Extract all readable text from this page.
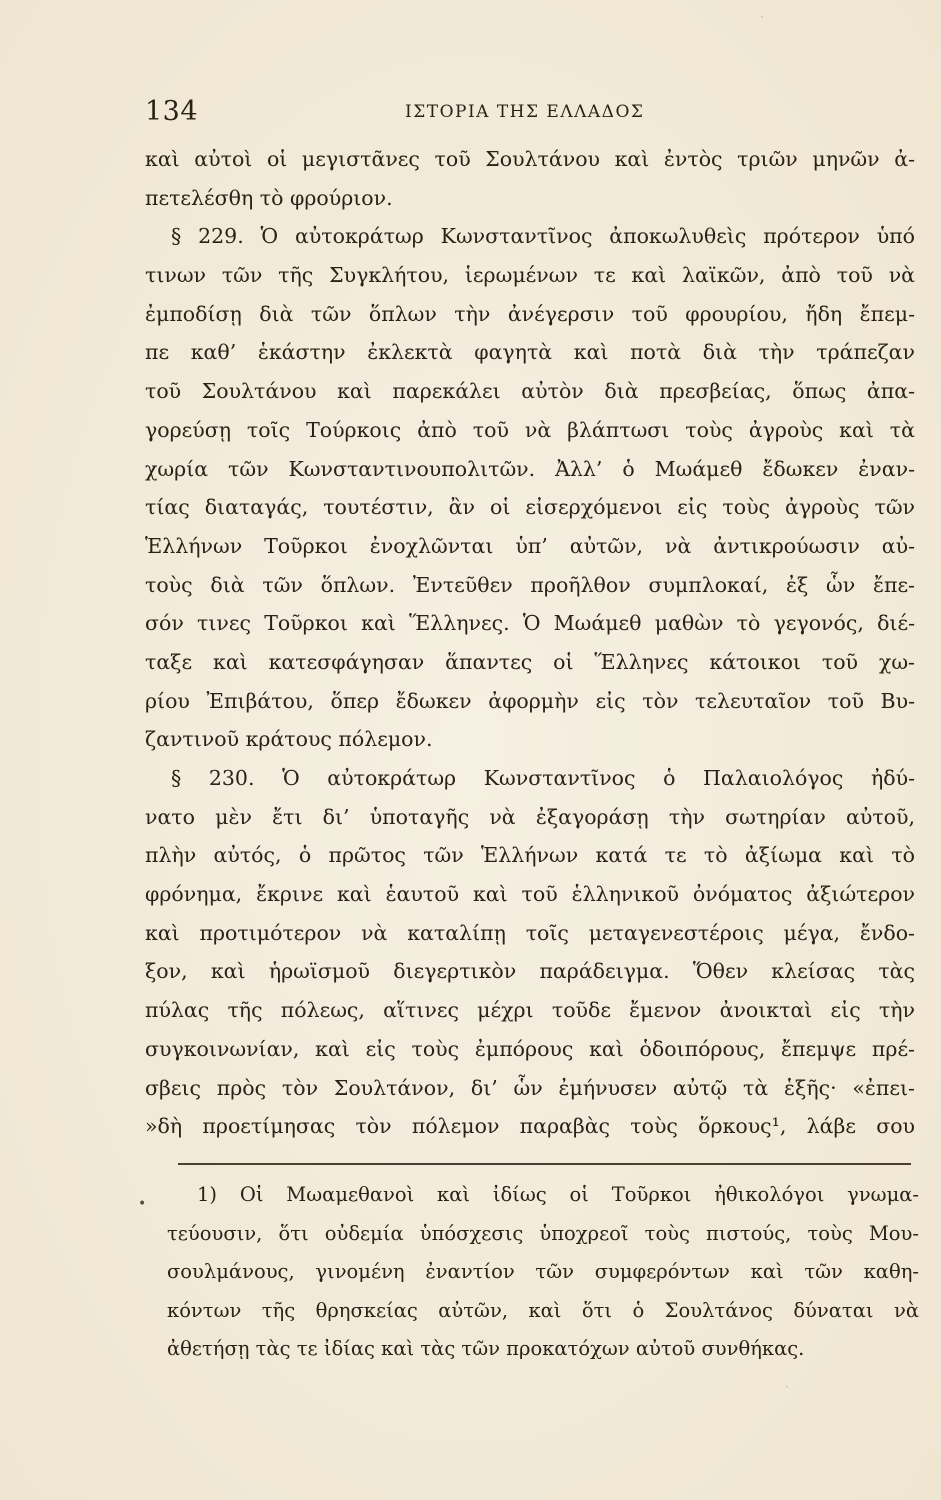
134	ΙΣΤΟΡΙΑ ΤΗΣ ΕΛΛΑΔΟΣ
καὶ αὐτοὶ οἱ μεγιστᾶνες τοῦ Σουλτάνου καὶ ἐντὸς τριῶν μηνῶν ἀ-
πετελέσθη τὸ φρούριον.
§ 229. Ὁ αὐτοκράτωρ Κωνσταντῖνος ἀποκωλυθεὶς πρότερον ὑπό
τινων τῶν τῆς Συγκλήτου, ἱερωμένων τε καὶ λαϊκῶν, ἀπὸ τοῦ νὰ
ἐμποδίσῃ διὰ τῶν ὅπλων τὴν ἀνέγερσιν τοῦ φρουρίου, ἤδη ἔπεμ-
πε καθ’ ἑκάστην ἐκλεκτὰ φαγητὰ καὶ ποτὰ διὰ τὴν τράπεζαν
τοῦ Σουλτάνου καὶ παρεκάλει αὐτὸν διὰ πρεσβείας, ὅπως ἀπα-
γορεύσῃ τοῖς Τούρκοις ἀπὸ τοῦ νὰ βλάπτωσι τοὺς ἀγροὺς καὶ τὰ
χωρία τῶν Κωνσταντινουπολιτῶν. Ἀλλ’ ὁ Μωάμεθ ἔδωκεν ἐναν-
τίας διαταγάς, τουτέστιν, ἂν οἱ εἰσερχόμενοι εἰς τοὺς ἀγροὺς τῶν
Ἑλλήνων Τοῦρκοι ἐνοχλῶνται ὑπ’ αὐτῶν, νὰ ἀντικρούωσιν αὐ-
τοὺς διὰ τῶν ὅπλων. Ἐντεῦθεν προῆλθον συμπλοκαί, ἐξ ὧν ἔπε-
σόν τινες Τοῦρκοι καὶ Ἕλληνες. Ὁ Μωάμεθ μαθὼν τὸ γεγονός, διέ-
ταξε καὶ κατεσφάγησαν ἅπαντες οἱ Ἕλληνες κάτοικοι τοῦ χω-
ρίου Ἐπιβάτου, ὅπερ ἔδωκεν ἀφορμὴν εἰς τὸν τελευταῖον τοῦ Βυ-
ζαντινοῦ κράτους πόλεμον.
§ 230. Ὁ αὐτοκράτωρ Κωνσταντῖνος ὁ Παλαιολόγος ἠδύ-
νατο μὲν ἔτι δι’ ὑποταγῆς νὰ ἐξαγοράσῃ τὴν σωτηρίαν αὐτοῦ,
πλὴν αὐτός, ὁ πρῶτος τῶν Ἑλλήνων κατά τε τὸ ἀξίωμα καὶ τὸ
φρόνημα, ἔκρινε καὶ ἑαυτοῦ καὶ τοῦ ἑλληνικοῦ ὀνόματος ἀξιώτερον
καὶ προτιμότερον νὰ καταλίπῃ τοῖς μεταγενεστέροις μέγα, ἔνδο-
ξον, καὶ ἡρωϊσμοῦ διεγερτικὸν παράδειγμα. Ὅθεν κλείσας τὰς
πύλας τῆς πόλεως, αἵτινες μέχρι τοῦδε ἔμενον ἀνοικταὶ εἰς τὴν
συγκοινωνίαν, καὶ εἰς τοὺς ἐμπόρους καὶ ὁδοιπόρους, ἔπεμψε πρέ-
σβεις πρὸς τὸν Σουλτάνον, δι’ ὧν ἐμήνυσεν αὐτῷ τὰ ἑξῆς· «ἐπει-
»δὴ προετίμησας τὸν πόλεμον παραβὰς τοὺς ὅρκους¹, λάβε σου
•	1) Οἱ Μωαμεθανοὶ καὶ ἰδίως οἱ Τοῦρκοι ἠθικολόγοι γνωμα-
τεύουσιν, ὅτι οὐδεμία ὑπόσχεσις ὑποχρεοῖ τοὺς πιστούς, τοὺς Μου-
σουλμάνους, γινομένη ἐναντίον τῶν συμφερόντων καὶ τῶν καθη-
κόντων τῆς θρησκείας αὐτῶν, καὶ ὅτι ὁ Σουλτάνος δύναται νὰ
ἀθετήσῃ τὰς τε ἰδίας καὶ τὰς τῶν προκατόχων αὐτοῦ συνθήκας.
ᐝ
ᐧ
